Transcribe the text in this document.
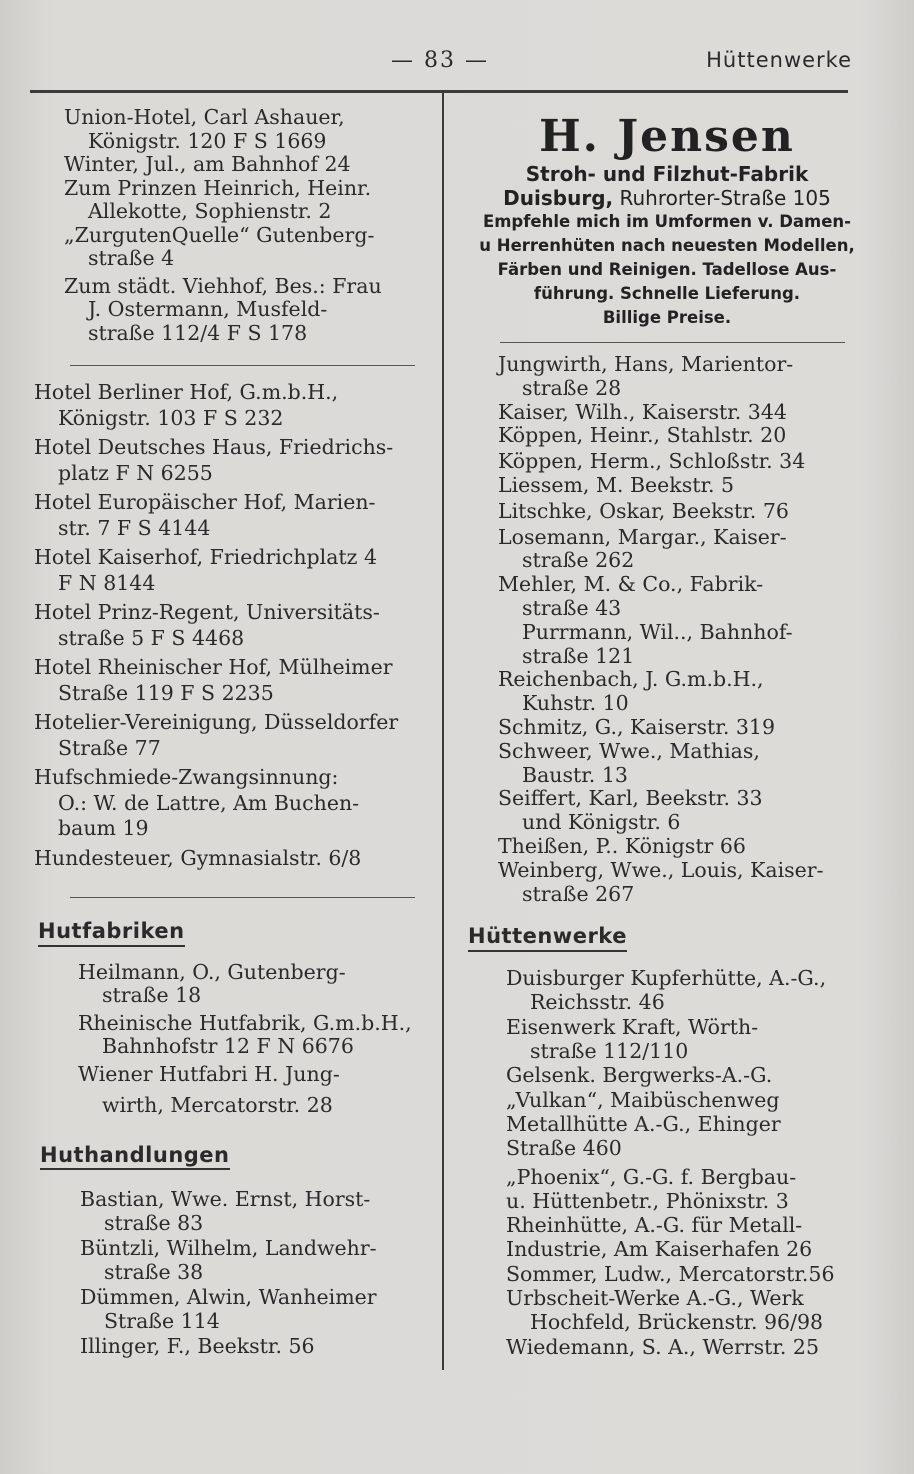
— 83 —	Hüttenwerke
Union-Hotel, Carl Ashauer,
Königstr. 120 F S 1669
Winter, Jul., am Bahnhof 24
Zum Prinzen Heinrich, Heinr.
Allekotte, Sophienstr. 2
„ZurgutenQuelle“ Gutenberg-
straße 4
Zum städt. Viehhof, Bes.: Frau
J. Ostermann, Musfeld-
straße 112/4 F S 178
Hotel Berliner Hof, G.m.b.H.,
Königstr. 103 F S 232
Hotel Deutsches Haus, Friedrichs-
platz F N 6255
Hotel Europäischer Hof, Marien-
str. 7 F S 4144
Hotel Kaiserhof, Friedrichplatz 4
F N 8144
Hotel Prinz-Regent, Universitäts-
straße 5 F S 4468
Hotel Rheinischer Hof, Mülheimer
Straße 119 F S 2235
Hotelier-Vereinigung, Düsseldorfer
Straße 77
Hufschmiede-Zwangsinnung:
O.: W. de Lattre, Am Buchen-
baum 19
Hundesteuer, Gymnasialstr. 6/8
Hutfabriken
Heilmann, O., Gutenberg-
straße 18
Rheinische Hutfabrik, G.m.b.H.,
Bahnhofstr 12 F N 6676
Wiener Hutfabri H. Jung-
wirth, Mercatorstr. 28
Huthandlungen
Bastian, Wwe. Ernst, Horst-
straße 83
Büntzli, Wilhelm, Landwehr-
straße 38
Dümmen, Alwin, Wanheimer
Straße 114
Illinger, F., Beekstr. 56
H. Jensen
Stroh- und Filzhut-Fabrik
Duisburg, Ruhrorter-Straße 105
Empfehle mich im Umformen v. Damen-
u Herrenhüten nach neuesten Modellen,
Färben und Reinigen. Tadellose Aus-
führung. Schnelle Lieferung.
Billige Preise.
Jungwirth, Hans, Marientor-
straße 28
Kaiser, Wilh., Kaiserstr. 344
Köppen, Heinr., Stahlstr. 20
Köppen, Herm., Schloßstr. 34
Liessem, M. Beekstr. 5
Litschke, Oskar, Beekstr. 76
Losemann, Margar., Kaiser-
straße 262
Mehler, M. & Co., Fabrik-
straße 43
Purrmann, Wil.., Bahnhof-
straße 121
Reichenbach, J. G.m.b.H.,
Kuhstr. 10
Schmitz, G., Kaiserstr. 319
Schweer, Wwe., Mathias,
Baustr. 13
Seiffert, Karl, Beekstr. 33
und Königstr. 6
Theißen, P.. Königstr 66
Weinberg, Wwe., Louis, Kaiser-
straße 267
Hüttenwerke
Duisburger Kupferhütte, A.-G.,
Reichsstr. 46
Eisenwerk Kraft, Wörth-
straße 112/110
Gelsenk. Bergwerks-A.-G.
„Vulkan“, Maibüschenweg
Metallhütte A.-G., Ehinger
Straße 460
„Phoenix“, G.-G. f. Bergbau-
u. Hüttenbetr., Phönixstr. 3
Rheinhütte, A.-G. für Metall-
Industrie, Am Kaiserhafen 26
Sommer, Ludw., Mercatorstr.56
Urbscheit-Werke A.-G., Werk
Hochfeld, Brückenstr. 96/98
Wiedemann, S. A., Werrstr. 25
